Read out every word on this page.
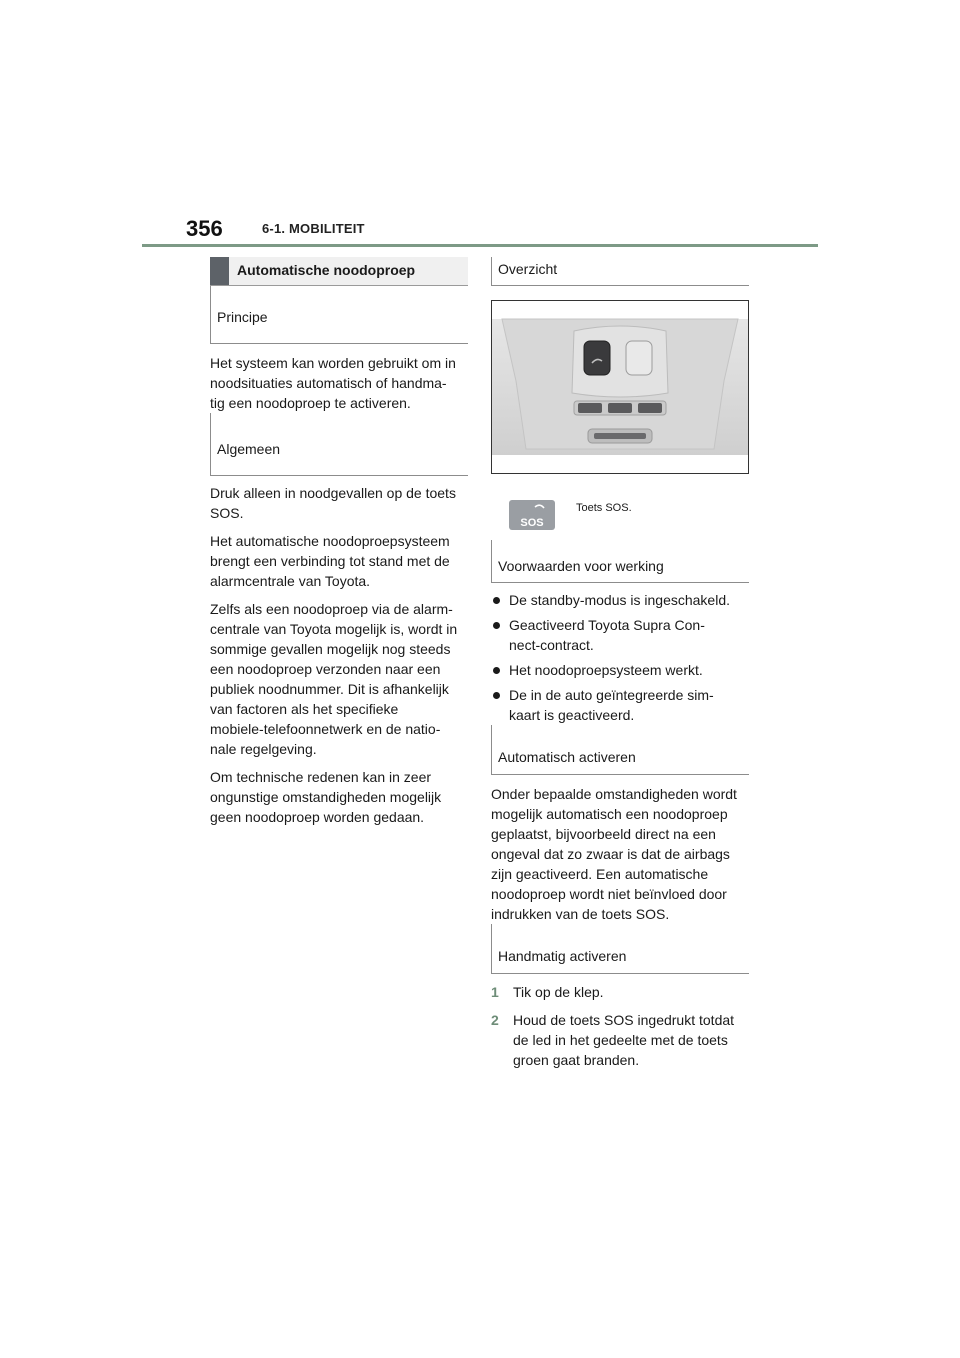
356	6-1. MOBILITEIT
Automatische noodoproep
Principe

Het systeem kan worden gebruikt om in
noodsituaties automatisch of handma-
tig een noodoproep te activeren.

Algemeen

Druk alleen in noodgevallen op de toets
SOS.

Het automatische noodoproepsysteem
brengt een verbinding tot stand met de
alarmcentrale van Toyota.

Zelfs als een noodoproep via de alarm-
centrale van Toyota mogelijk is, wordt in
sommige gevallen mogelijk nog steeds
een noodoproep verzonden naar een
publiek noodnummer. Dit is afhankelijk
van factoren als het specifieke
mobiele-telefoonnetwerk en de natio-
nale regelgeving.

Om technische redenen kan in zeer
ongunstige omstandigheden mogelijk
geen noodoproep worden gedaan.

Overzicht
SOS
Toets SOS.
Voorwaarden voor werking
De standby-modus is ingeschakeld.
Geactiveerd Toyota Supra Con-
nect-contract.
Het noodoproepsysteem werkt.
De in de auto geïntegreerde sim-
kaart is geactiveerd.
Automatisch activeren

Onder bepaalde omstandigheden wordt
mogelijk automatisch een noodoproep
geplaatst, bijvoorbeeld direct na een
ongeval dat zo zwaar is dat de airbags
zijn geactiveerd. Een automatische
noodoproep wordt niet beïnvloed door
indrukken van de toets SOS.

Handmatig activeren
1 Tik op de klep.
2 Houd de toets SOS ingedrukt totdat
de led in het gedeelte met de toets
groen gaat branden.
